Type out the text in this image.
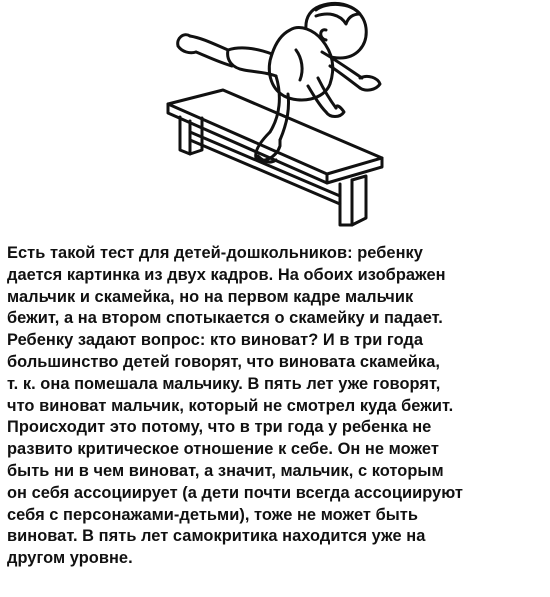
Есть такой тест для детей-дошкольников: ребенку
дается картинка из двух кадров. На обоих изображен
мальчик и скамейка, но на первом кадре мальчик
бежит, а на втором спотыкается о скамейку и падает.
Ребенку задают вопрос: кто виноват? И в три года
большинство детей говорят, что виновата скамейка,
т. к. она помешала мальчику. В пять лет уже говорят,
что виноват мальчик, который не смотрел куда бежит.
Происходит это потому, что в три года у ребенка не
развито критическое отношение к себе. Он не может
быть ни в чем виноват, а значит, мальчик, с которым
он себя ассоциирует (а дети почти всегда ассоциируют
себя с персонажами-детьми), тоже не может быть
виноват. В пять лет самокритика находится уже на
другом уровне.
